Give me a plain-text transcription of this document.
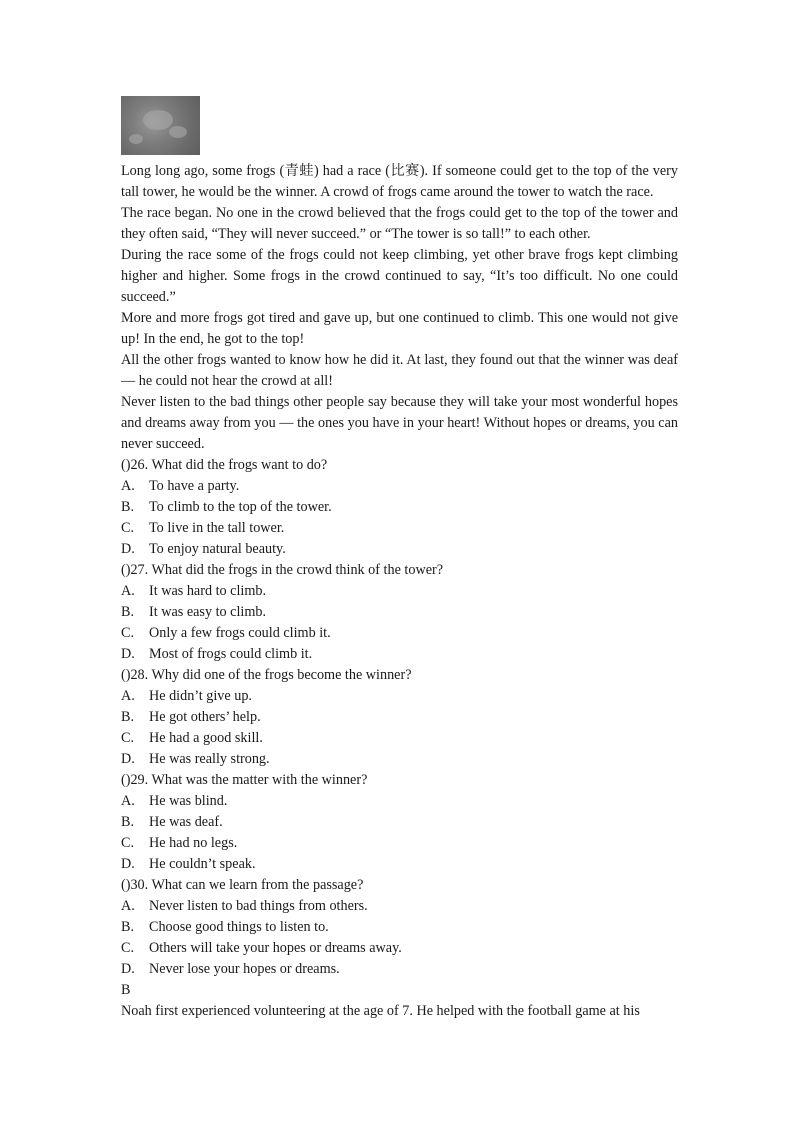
Long long ago, some frogs (青蛙) had a race (比赛). If someone could get to the top of the very tall tower, he would be the winner. A crowd of frogs came around the tower to watch the race.

The race began. No one in the crowd believed that the frogs could get to the top of the tower and they often said, “They will never succeed.” or “The tower is so tall!” to each other.

During the race some of the frogs could not keep climbing, yet other brave frogs kept climbing higher and higher. Some frogs in the crowd continued to say, “It’s too difficult. No one could succeed.”

More and more frogs got tired and gave up, but one continued to climb. This one would not give up! In the end, he got to the top!

All the other frogs wanted to know how he did it. At last, they found out that the winner was deaf — he could not hear the crowd at all!

Never listen to the bad things other people say because they will take your most wonderful hopes and dreams away from you — the ones you have in your heart! Without hopes or dreams, you can never succeed.

()26. What did the frogs want to do?
A.	To have a party.
B.	To climb to the top of the tower.
C.	To live in the tall tower.
D.	To enjoy natural beauty.
()27. What did the frogs in the crowd think of the tower?
A.	It was hard to climb.
B.	It was easy to climb.
C.	Only a few frogs could climb it.
D.	Most of frogs could climb it.
()28. Why did one of the frogs become the winner?
A.	He didn’t give up.
B.	He got others’ help.
C.	He had a good skill.
D.	He was really strong.
()29. What was the matter with the winner?
A.	He was blind.
B.	He was deaf.
C.	He had no legs.
D.	He couldn’t speak.
()30. What can we learn from the passage?
A.	Never listen to bad things from others.
B.	Choose good things to listen to.
C.	Others will take your hopes or dreams away.
D.	Never lose your hopes or dreams.
B

Noah first experienced volunteering at the age of 7. He helped with the football game at his
